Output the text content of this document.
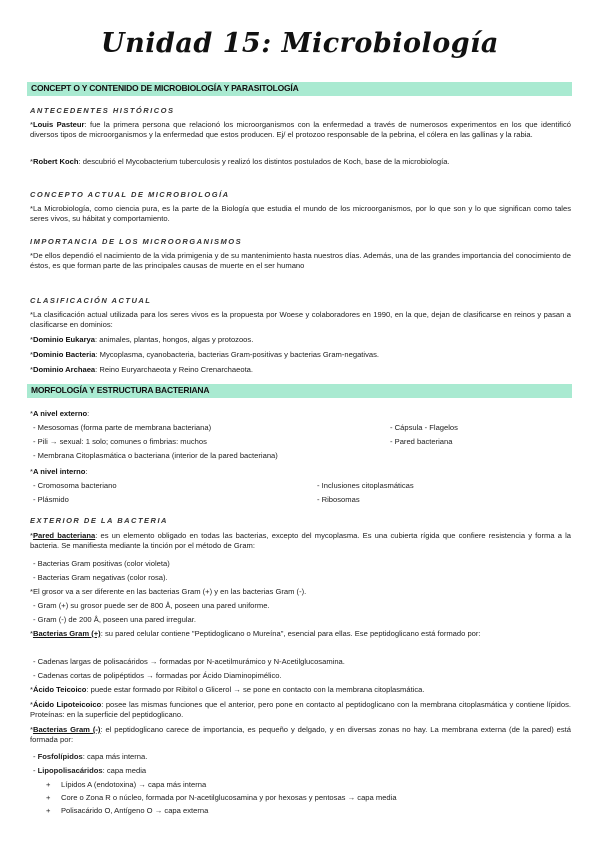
Unidad 15: Microbiología
CONCEPT O Y CONTENIDO DE MICROBIOLOGÍA Y PARASITOLOGÍA
ANTECEDENTES HISTÓRICOS
*Louis Pasteur: fue la primera persona que relacionó los microorganismos con la enfermedad a través de numerosos experimentos en los que identificó diversos tipos de microorganismos y la enfermedad que estos producen. Ej/ el protozoo responsable de la pebrina, el cólera en las gallinas y la rabia.
*Robert Koch: descubrió el Mycobacterium tuberculosis y realizó los distintos postulados de Koch, base de la microbiología.
CONCEPTO ACTUAL DE MICROBIOLOGÍA
*La Microbiología, como ciencia pura, es la parte de la Biología que estudia el mundo de los microorganismos, por lo que son y lo que significan como tales seres vivos, su hábitat y comportamiento.
IMPORTANCIA DE LOS MICROORGANISMOS
*De ellos dependió el nacimiento de la vida primigenia y de su mantenimiento hasta nuestros días. Además, una de las grandes importancia del conocimiento de éstos, es que forman parte de las principales causas de muerte en el ser humano
CLASIFICACIÓN ACTUAL
*La clasificación actual utilizada para los seres vivos es la propuesta por Woese y colaboradores en 1990, en la que, dejan de clasificarse en reinos y pasan a clasificarse en dominios:
*Dominio Eukarya: animales, plantas, hongos, algas y protozoos.
*Dominio Bacteria: Mycoplasma, cyanobacteria, bacterias Gram-positivas y bacterias Gram-negativas.
*Dominio Archaea: Reino Euryarchaeota y Reino Crenarchaeota.
MORFOLOGÍA Y ESTRUCTURA BACTERIANA
*A nivel externo:
- Mesosomas (forma parte de membrana bacteriana)
- Pili → sexual: 1 solo; comunes o fimbrias: muchos
- Membrana Citoplasmática o bacteriana (interior de la pared bacteriana)
- Cápsula - Flagelos
- Pared bacteriana
*A nivel interno:
- Cromosoma bacteriano
- Plásmido
- Inclusiones citoplasmáticas
- Ribosomas
EXTERIOR DE LA BACTERIA
*Pared bacteriana: es un elemento obligado en todas las bacterias, excepto del mycoplasma. Es una cubierta rígida que confiere resistencia y forma a la bacteria. Se manifiesta mediante la tinción por el método de Gram:
- Bacterias Gram positivas (color violeta)
- Bacterias Gram negativas (color rosa).
*El grosor va a ser diferente en las bacterias Gram (+) y en las bacterias Gram (-).
- Gram (+) su grosor puede ser de 800 Å, poseen una pared uniforme.
- Gram (-) de 200 Å, poseen una pared irregular.
*Bacterias Gram (+): su pared celular contiene "Peptidoglicano o Mureína", esencial para ellas. Ese peptidoglicano está formado por:
- Cadenas largas de polisacáridos → formadas por N-acetilmurámico y N-Acetilglucosamina.
- Cadenas cortas de polipéptidos → formadas por Ácido Diaminopimélico.
*Ácido Teicoico: puede estar formado por Ribitol o Glicerol → se pone en contacto con la membrana citoplasmática.
*Ácido Lipoteicoico: posee las mismas funciones que el anterior, pero pone en contacto al peptidoglicano con la membrana citoplasmática y contiene lípidos. Proteínas: en la superficie del peptidoglicano.
*Bacterias Gram (-): el peptidoglicano carece de importancia, es pequeño y delgado, y en diversas zonas no hay. La membrana externa (de la pared) está formada por:
- Fosfolípidos: capa más interna.
- Lipopolisacáridos: capa media
+     Lípidos A (endotoxina) → capa más interna
+     Core o Zona R o núcleo, formada por N-acetilglucosamina y por hexosas y pentosas → capa media
+     Polisacárido O, Antígeno O → capa externa
